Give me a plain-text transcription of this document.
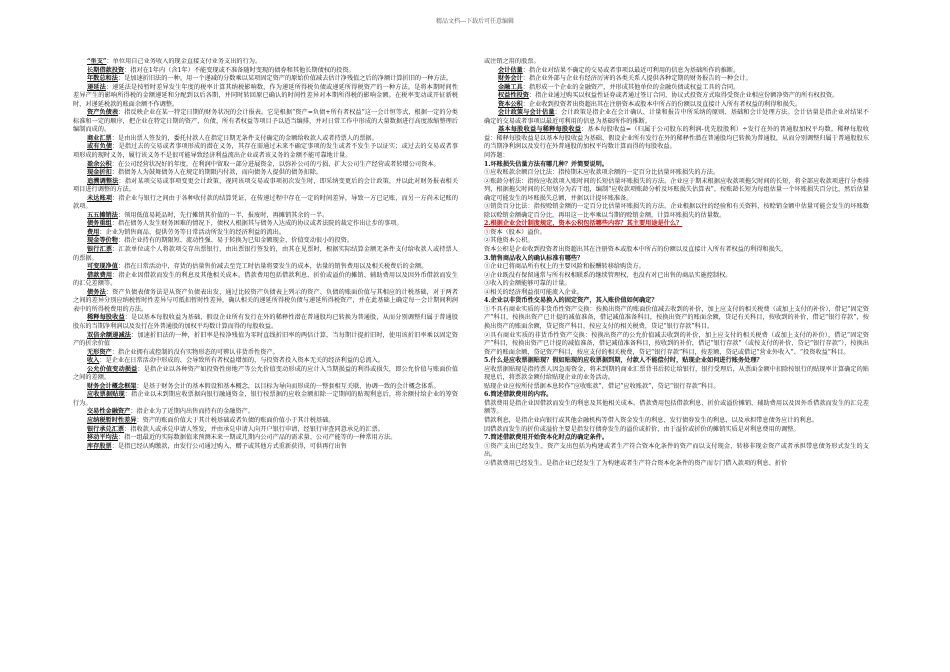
精品文档---下载后可任意编辑

“坐支”：单位用自己业务收入的现金直接支付业务支出的行为。

长期借款投资：指对在1年内（含1年）不能变现或不准备随时变现的债券和其他长期债权的投资。

年数总和法：是加速折旧法的一种。用一个递减的分数乘以某项固定资产的原始价值减去估计净残值之后的净额计算折旧的一种方法。

递延法：递延法是按暂时差异发生年度的税率计算其纳税影响数，作为递延所得税负债或递延所得税资产的一种方法。是将本期时间性差异产生的影响所得税的金额递延和分配到以后各期，并同时转回原已确认的时间性差异对本期所得税的影响金额。在税率变动或开征新税时，对递延税款的账面余额不作调整。

资产负债表：指反映企业在某一特定日期的财务状况的会计报表。它是根据“资产=负债+所有者权益”这一会计恒等式，根据一定的分类标准和一定的顺序，把企业在特定日期的资产、负债、所有者权益等项目予以适当编排，并对日常工作中形成的大量数据进行高度浓缩整理后编制而成的。

商业汇票：是由出票人签发的，委托付款人在指定日期无条件支付确定的金额给收款人或者持票人的票据。

或有负债：是指过去的交易或者事项形成的潜在义务，其存在需通过未来不确定事项的发生或者不发生予以证实；或过去的交易或者事项形成的现时义务，履行该义务不是很可能导致经济利益流出企业或者该义务的金额不能可靠地计量。

盈余公积：在公司经营状况好的年度，在利润中留取一部分进展资金，以弥补公司的亏损、扩大公司生产经营或者转增公司资本。

现金折扣：指债务人为鼓舞债务人在规定的期限内付款，而向债务人提供的债务扣除。

追溯调整法：指对某项交易或事项变更会计政策，视同该项交易或事项初次发生时，即采纳变更后的会计政策，并以此对财务报表相关项目进行调整的方法。

未达账项：指企业与银行之间由于各种收付款的结算凭证，在传递过程中存在一定的时间差异，导致一方已记账，而另一方尚未记账的款项。

五五摊销法：领用低值易耗品时，先行摊销其价值的一半，报废时，再摊销其余的一半。

债务重组：指在债务人发生财务困难的情况下，债权人根据其与债务人达成的协议或者法院的裁定作出让步的事项。

费用：企业为销售商品、提供劳务等日常活动所发生的经济利益的流出。

现金等价物：指企业持有的期限短、流动性强、易于转换为已知金额现金、价值变动很小的投资。

银行汇票：汇款单位或个人将款项交存出票银行，由出票银行签发的，由其在见票时，根据实际结算金额无条件支付给收款人或持票人的票据。

可变现净值：指在日常活动中，存货的估量售价减去至完工时估量将要发生的成本，估量的销售费用以及相关税费后的金额。

借款费用：指企业因借款而发生的利息及其他相关成本。借款费用包括借款利息、折价或溢价的摊销、辅助费用以及因外币借款而发生的汇兑差额等。

债务法：资产负债表债务法是从资产负债表出发，通过比较资产负债表上列示的资产、负债的账面价值与其相应的计税基础，对于两者之间的差异分别应纳税暂时性差异与可抵扣暂时性差异，确认相关的递延所得税负债与递延所得税资产，并在此基础上确定每一会计期间利润表中的所得税费用的方法。

稀释每股收益：是以基本每股收益为基础，假设企业所有发行在外的稀释性潜在普通股均已转换为普通股，从而分别调整归属于普通股股东的当期净利润以及发行在外普通股的加权平均数计算而得的每股收益。

双倍余额递减法：加速折旧法的一种，折旧率是按净残值为零时直线折旧率的两倍计算，当每期计提折旧时，使用该折旧率乘以固定资产的折余价值

无形资产：指企业拥有或控制的没有实物形态的可辨认非货币性资产。

收入：是企业在日常活动中形成的、会导致所有者权益增加的、与投资者投入资本无关的经济利益的总流入。

公允价值变动损益：是指企业以各种资产如投资性房地产等公允价值变动形成的应计入当期损益的利得或损失，即公允价值与账面价值之间的差额。

财务会计概念框架：是基于财务会计的基本假设和基本概念，以目标为导向而形成的一整套相互关联、协调一致的会计概念体系。

应收票据贴现：指企业以未到期应收票据向银行融通资金，银行按票据的应收金额扣除一定期间的贴现利息后，将余额付给企业的筹资行为。

交易性金融资产：指企业为了近期内出售而持有的金融资产。

应纳税暂时性差异：资产的账面价值大于其计税基础或者负债的账面价值小于其计税基础。

银行承兑汇票：指收款人或承兑申请人签发，并由承兑申请人向开户银行申请，经银行审查同意承兑的汇票。

移动平均法：指一组最近的实际数据值来预测未来一期或几期内公司产品的需求量、公司产能等的一种常用方法。

库存股票：是指已经认购缴款，由发行公司通过购入、赠予或其他方式重新获得，可供再行出售

或注销之用的股票。

会计估量：指企业对结果不确定的交易或者事项以最近可利用的信息为基础所作的推断。

财务会计：指企业外部与企业有经济厉害的各类关系人提供各种定期的财务报告的一种会计。

金融工具：指形成一个企业的金融资产，并形成其他单位的金融负债或权益工具的合同。

权益性投资：指企业通过购买以权益性证券或者通过签订合同、协议式投资方式取得受资企业相应份额净资产的所有权投资。

资本公积：企业收到投资者出资超出其在注册资本或股本中所占的份额以及直接计入所有者权益的利得和损失。

会计政策与会计估量：会计政策是指企业在会计确认、计量和报告中所采纳的原则、基础和会计处理方法。会计估量是指企业对结果不确定的交易或者事项以最近可利用的信息为基础所作的推断。

基本每股收益与稀释每股收益：基本每股收益=（归属于公司股东的利润-优先股股利）÷发行在外的普通股加权平均数。稀释每股收益：稀释每股收益是以基本每股收益为基础，假设企业所有发行在外的稀释性潜在普通股均已转换为普通股，从而分别调整归属于普通股股东的当期净利润以及发行在外普通股的加权平均数计算而得的每股收益。

问答题：

1.坏账损失估量方法有哪几种？并简要说明。

①应收账款余额百分比法：指按期末应收款项余额的一定百分比估量坏账损失的方法。

②账龄分析法：指按应收款项入账时间的长短估量坏账损失的方法。企业应于期末根据应收款项拖欠时间的长短，将全部应收款项进行分类排列，根据拖欠时间的长短划分为若干组，编制“应收款项账龄分析及坏账损失估算表”，按账龄长短为每组估量一个坏账损失百分比，然后估量确定可能发生的坏账损失总额，并据以计提坏账准备。

③销货百分比法：指按赊销金额的一定百分比估量坏账损失的方法。企业根据以往的经验和有关资料，按赊销金额中估量可能会发生的坏账数除以赊销金额确定百分比，再用这一比率乘以当期的赊销金额，计算坏账损失的估量数。

2.根据企业会计制度规定，资本公积包括哪些内容？其主要用途是什么？

①资本（股本）溢价。

②其他资本公积。

资本公积是企业收到投资者出资超出其在注册资本或股本中所占的份额以及直接计入所有者权益的利得和损失。

3.销售商品收入的确认标准有哪些？

①企业已将商品所有权上的主要风险和报酬转移给购货方。

②企业既没有保留通常与所有权相联系的继续管理权，也没有对已出售的商品实施控制权。

③收入的金额能够可靠的计量。

④相关的经济利益很可能流入企业。

4.企业以非货币性交易换入的固定资产，其入账价值如何确定？

①不具有商业实质的非货币性资产交换：按换出资产的账面价值减去收到的补价，加上应支付的相关税费（或加上支付的补价），借记“固定资产”科目，按换出资产已计提的减值准备，借记减值准备科目，按换出资产的账面余额，贷记有关科目，按收到的补价，借记“银行存款”，按换出资产的账面余额，贷记资产科目，按应支付的相关税费，贷记“银行存款”科目。

②具有商业实质的非货币性资产交换：按换出资产的公允价值减去收到的补价，加上应支付的相关税费（或加上支付的补价），借记“固定资产”科目，按换出资产已计提的减值准备，借记减值准备科目，按收到的补价，借记“银行存款”（或按支付的补价，贷记“银行存款”），按换出资产的账面余额，贷记资产科目，按应支付的相关税费，贷记“银行存款”科目，按差额，贷记或借记“营业外收入”、“投资收益”科目。

5.什么是应收票据贴现？假如贴现的应收票据到期，付款人不能偿付时，贴现企业如何进行账务处理？

应收票据贴现是指持票人因急需资金，将未到期的商业汇票背书后转让给银行，银行受理后，从票面金额中扣除按银行的贴现率计算确定的贴现息后，将票款金额付给贴现企业的业务活动。

贴现企业应按所付票据本息转作“应收账款”，借记“应收账款”，贷记“银行存款”科目。

6.简述借款费用的内容。

借款费用是指企业因借款而发生的利息及其他相关成本。借款费用包括借款利息、折价或溢价摊销、辅助费用以及因外币借款而发生的汇兑差额等。

借款利息，是指企业向银行或其他金融机构等借入资金发生的利息、发行债券发生的利息，以及承担带息债务应计的利息。

因借款而发生的折价或溢价主要是指发行债券发生的溢价或折价，由于溢价或折价的摊销实质是对利息费用的调整。

7.简述借款费用开始资本化时点的确定条件。

①资产支出已经发生，资产支出包括为构建或者生产符合资本化条件的资产而以支付现金、转移非现金资产或者承担带息债务形式发生的支出。

②借款费用已经发生。是指企业已经发生了为构建或者生产符合资本化条件的资产而专门借入款项的利息、折价
